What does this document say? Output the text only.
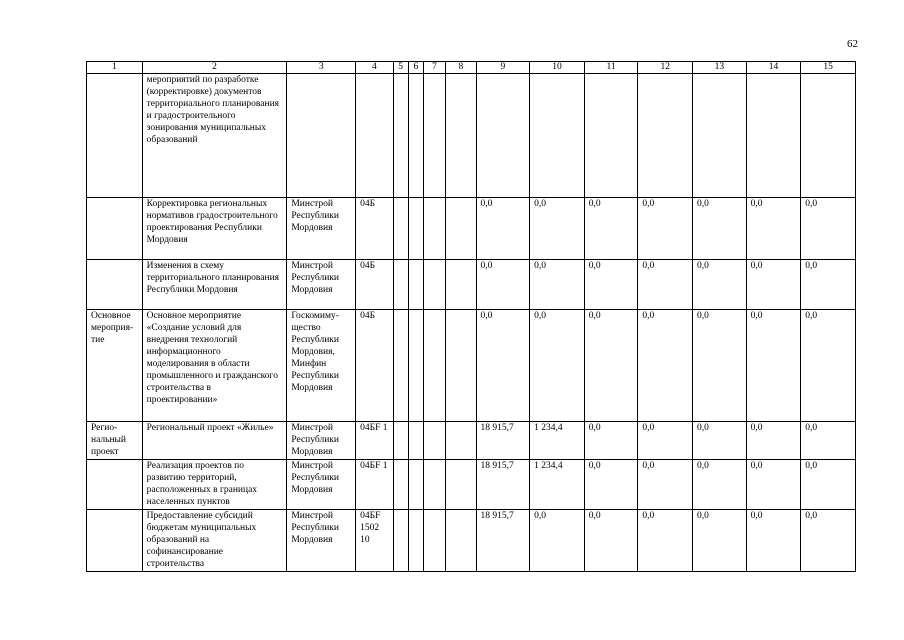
62
1	2	3	4	5	6	7	8	9	10	11	12	13	14	15
	мероприятий по разработке (корректировке) документов территориального планирования и градостроительного зонирования муниципальных образований													
	Корректировка региональных нормативов градостроительного проектирования Республики Мордовия	Минстрой Республики Мордовия	04Б					0,0	0,0	0,0	0,0	0,0	0,0	0,0
	Изменения в схему территориального планирования Республики Мордовия	Минстрой Республики Мордовия	04Б					0,0	0,0	0,0	0,0	0,0	0,0	0,0
Основное мероприя-тие	Основное мероприятие «Создание условий для внедрения технологий информационного моделирования в области промышленного и гражданского строительства в проектировании»	Госкомиму-щество Республики Мордовия, Минфин Республики Мордовия	04Б					0,0	0,0	0,0	0,0	0,0	0,0	0,0
Регио-нальный проект	Региональный проект «Жилье»	Минстрой Республики Мордовия	04БF 1					18 915,7	1 234,4	0,0	0,0	0,0	0,0	0,0
	Реализация проектов по развитию территорий, расположенных в границах населенных пунктов	Минстрой Республики Мордовия	04БF 1					18 915,7	1 234,4	0,0	0,0	0,0	0,0	0,0
	Предоставление субсидий бюджетам муниципальных образований на софинансирование строительства	Минстрой Республики Мордовия	04БF 1502 10					18 915,7	0,0	0,0	0,0	0,0	0,0	0,0
